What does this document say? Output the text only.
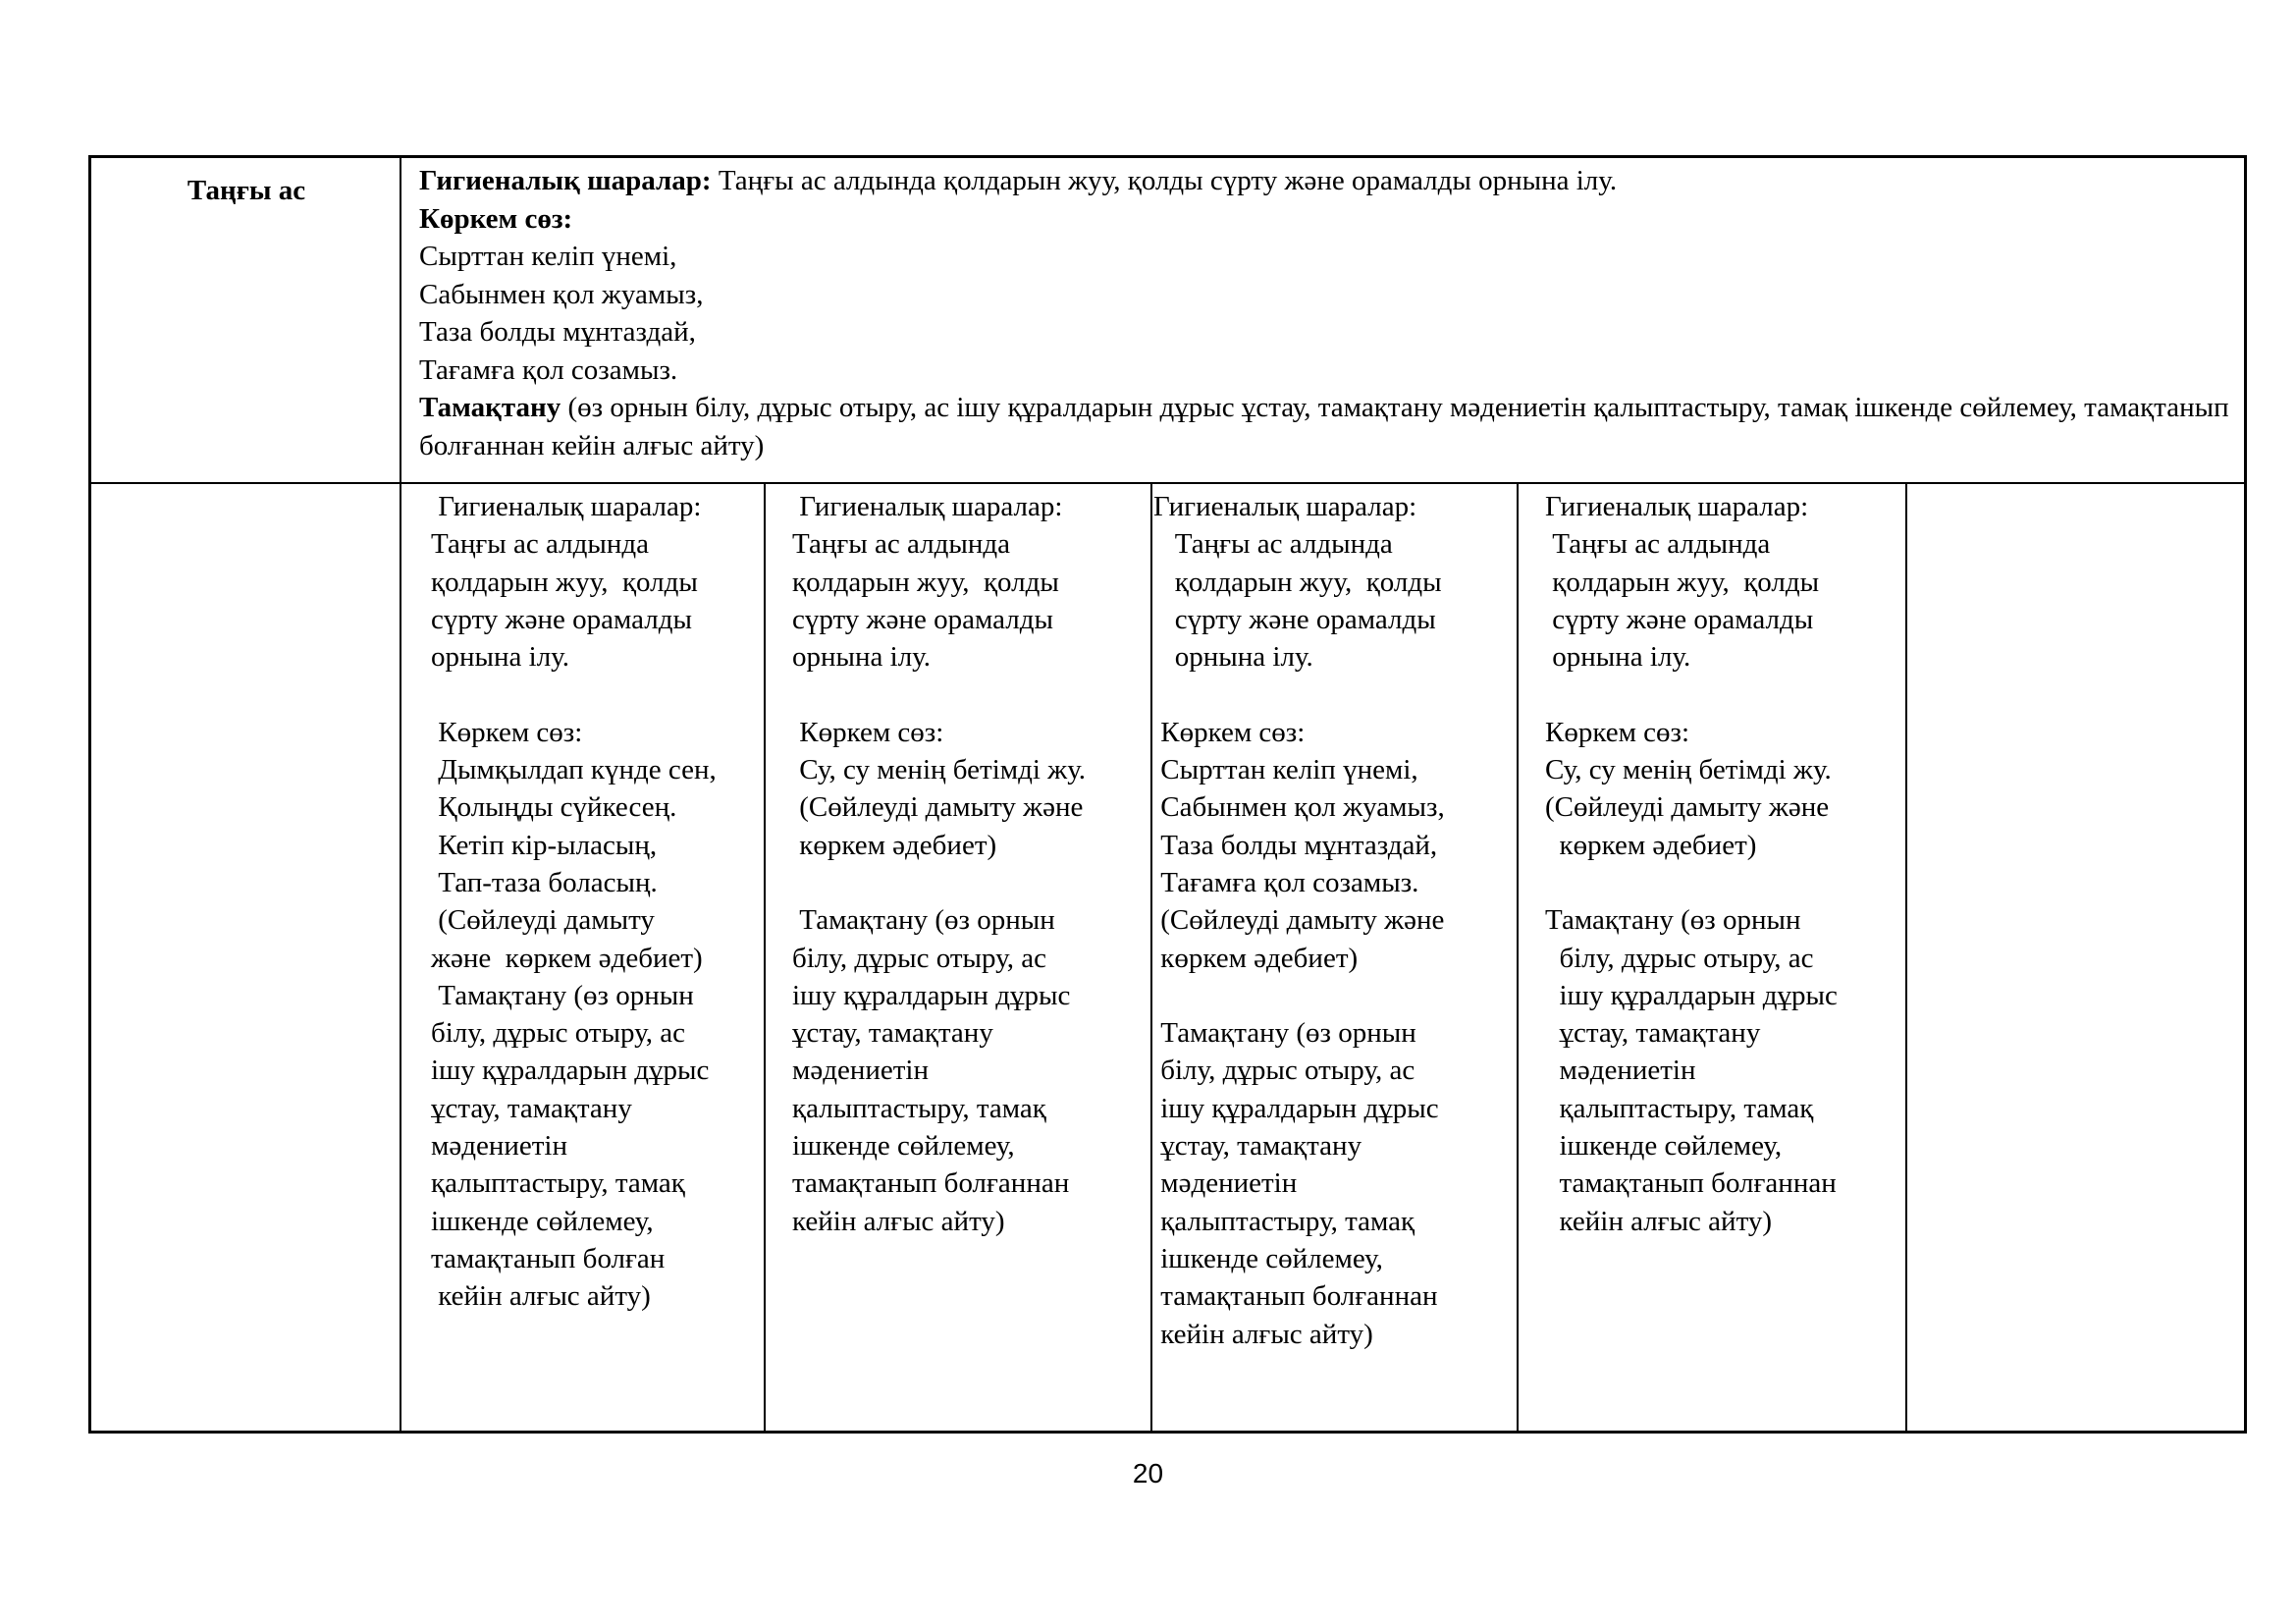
Таңғы ас	Гигиеналық шаралар: Таңғы ас алдында қолдарын жуу, қолды сүрту және орамалды орнына ілу.

Көркем сөз:

Сырттан келіп үнемі,

Сабынмен қол жуамыз,

Таза болды мұнтаздай,

Тағамға қол созамыз.

Тамақтану (өз орнын білу, дұрыс отыру, ас ішу құралдарын дұрыс ұстау, тамақтану мәдениетін қалыптастыру, тамақ ішкенде сөйлемеу, тамақтанып болғаннан кейін алғыс айту)

Гигиеналық шаралар:
Таңғы ас алдында
қолдарын жуу,  қолды
сүрту және орамалды
орнына ілу.

Көркем сөз:
Дымқылдап күнде сен,
Қолыңды сүйкесең.
Кетіп кір-ыласың,
Тап-таза боласың.
(Сөйлеуді дамыту
және  көркем әдебиет)
Тамақтану (өз орнын
білу, дұрыс отыру, ас
ішу құралдарын дұрыс
ұстау, тамақтану
мәдениетін
қалыптастыру, тамақ
ішкенде сөйлемеу,
тамақтанып болған
кейін алғыс айту)
Гигиеналық шаралар:
Таңғы ас алдында
қолдарын жуу,  қолды
сүрту және орамалды
орнына ілу.

Көркем сөз:
Су, су менің бетімді жу.
(Сөйлеуді дамыту және
көркем әдебиет)

Тамақтану (өз орнын
білу, дұрыс отыру, ас
ішу құралдарын дұрыс
ұстау, тамақтану
мәдениетін
қалыптастыру, тамақ
ішкенде сөйлемеу,
тамақтанып болғаннан
кейін алғыс айту)
Гигиеналық шаралар:
Таңғы ас алдында
қолдарын жуу,  қолды
сүрту және орамалды
орнына ілу.

Көркем сөз:
Сырттан келіп үнемі,
Сабынмен қол жуамыз,
Таза болды мұнтаздай,
Тағамға қол созамыз.
(Сөйлеуді дамыту және
көркем әдебиет)

Тамақтану (өз орнын
білу, дұрыс отыру, ас
ішу құралдарын дұрыс
ұстау, тамақтану
мәдениетін
қалыптастыру, тамақ
ішкенде сөйлемеу,
тамақтанып болғаннан
кейін алғыс айту)
Гигиеналық шаралар:
Таңғы ас алдында
қолдарын жуу,  қолды
сүрту және орамалды
орнына ілу.

Көркем сөз:
Су, су менің бетімді жу.
(Сөйлеуді дамыту және
көркем әдебиет)

Тамақтану (өз орнын
білу, дұрыс отыру, ас
ішу құралдарын дұрыс
ұстау, тамақтану
мәдениетін
қалыптастыру, тамақ
ішкенде сөйлемеу,
тамақтанып болғаннан
кейін алғыс айту)
20
